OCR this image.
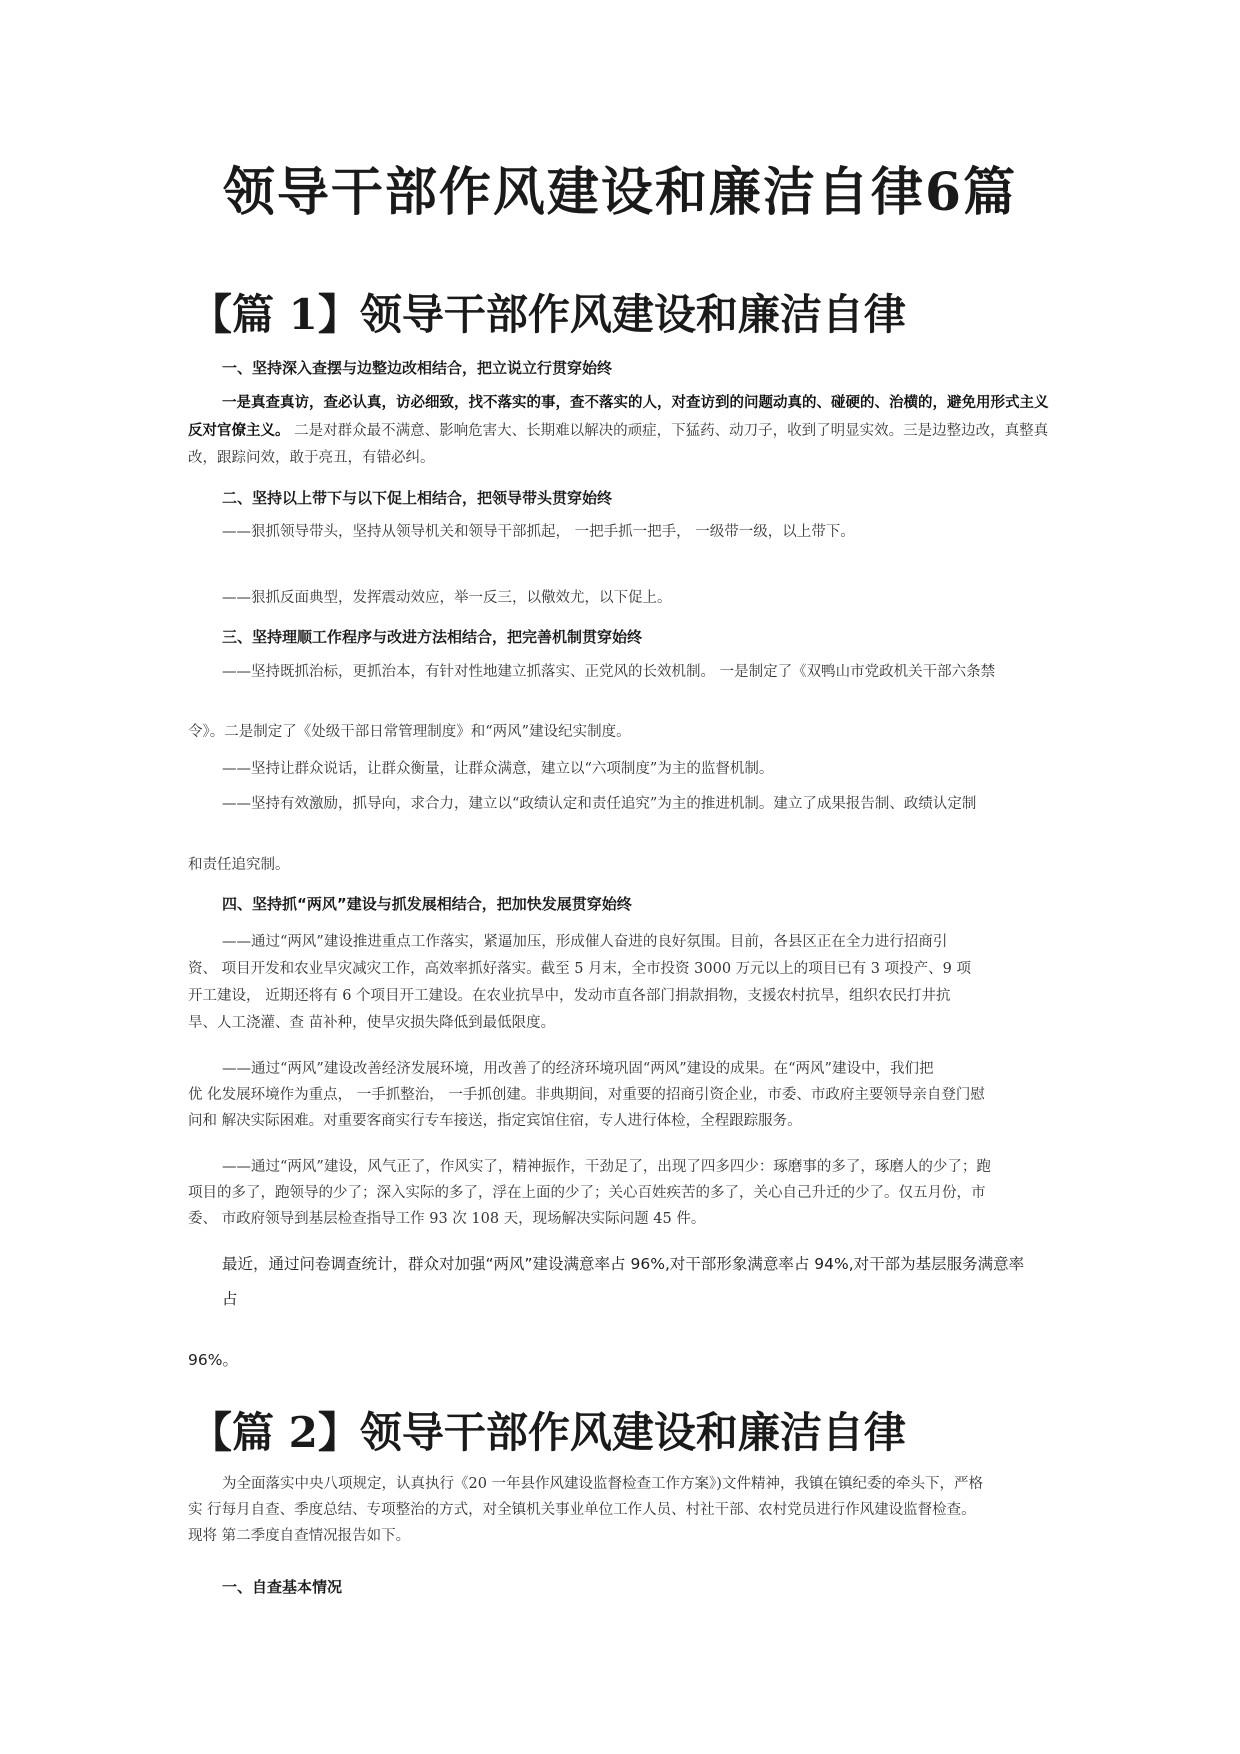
领导干部作风建设和廉洁自律6篇
【篇 1】领导干部作风建设和廉洁自律
一、坚持深入查摆与边整边改相结合，把立说立行贯穿始终
一是真查真访，查必认真，访必细致，找不落实的事，查不落实的人，对查访到的问题动真的、碰硬的、治横的，避免用形式主义反对官僚主义。 二是对群众最不满意、影响危害大、长期难以解决的顽症，下猛药、动刀子，收到了明显实效。三是边整边改，真整真改，跟踪问效，敢于亮丑，有错必纠。
二、坚持以上带下与以下促上相结合，把领导带头贯穿始终
——狠抓领导带头，坚持从领导机关和领导干部抓起， 一把手抓一把手， 一级带一级，以上带下。
——狠抓反面典型，发挥震动效应，举一反三，以儆效尤，以下促上。
三、坚持理顺工作程序与改进方法相结合，把完善机制贯穿始终
——坚持既抓治标，更抓治本，有针对性地建立抓落实、正党风的长效机制。 一是制定了《双鸭山市党政机关干部六条禁
令》。二是制定了《处级干部日常管理制度》和“两风”建设纪实制度。
——坚持让群众说话，让群众衡量，让群众满意，建立以“六项制度”为主的监督机制。
——坚持有效激励，抓导向，求合力，建立以“政绩认定和责任追究”为主的推进机制。建立了成果报告制、政绩认定制
和责任追究制。
四、坚持抓“两风”建设与抓发展相结合，把加快发展贯穿始终
——通过“两风”建设推进重点工作落实，紧逼加压，形成催人奋进的良好氛围。目前，各县区正在全力进行招商引
资、 项目开发和农业旱灾减灾工作，高效率抓好落实。截至 5 月末，全市投资 3000 万元以上的项目已有 3 项投产、9 项
开工建设， 近期还将有 6 个项目开工建设。在农业抗旱中，发动市直各部门捐款捐物，支援农村抗旱，组织农民打井抗
旱、人工浇灌、查 苗补种，使旱灾损失降低到最低限度。
——通过“两风”建设改善经济发展环境，用改善了的经济环境巩固“两风”建设的成果。在“两风”建设中，我们把
优 化发展环境作为重点， 一手抓整治， 一手抓创建。非典期间，对重要的招商引资企业，市委、市政府主要领导亲自登门慰
问和 解决实际困难。对重要客商实行专车接送，指定宾馆住宿，专人进行体检，全程跟踪服务。
——通过“两风”建设，风气正了，作风实了，精神振作，干劲足了，出现了四多四少：琢磨事的多了，琢磨人的少了；跑
项目的多了，跑领导的少了；深入实际的多了，浮在上面的少了；关心百姓疾苦的多了，关心自己升迁的少了。仅五月份，市
委、 市政府领导到基层检查指导工作 93 次 108 天，现场解决实际问题 45 件。
最近，通过问卷调查统计，群众对加强“两风”建设满意率占 96%,对干部形象满意率占 94%,对干部为基层服务满意率
占
96%。
【篇 2】领导干部作风建设和廉洁自律
为全面落实中央八项规定，认真执行《20 一年县作风建设监督检查工作方案》)文件精神，我镇在镇纪委的牵头下，严格
实 行每月自查、季度总结、专项整治的方式，对全镇机关事业单位工作人员、村社干部、农村党员进行作风建设监督检查。
现将 第二季度自查情况报告如下。
一、自查基本情况
